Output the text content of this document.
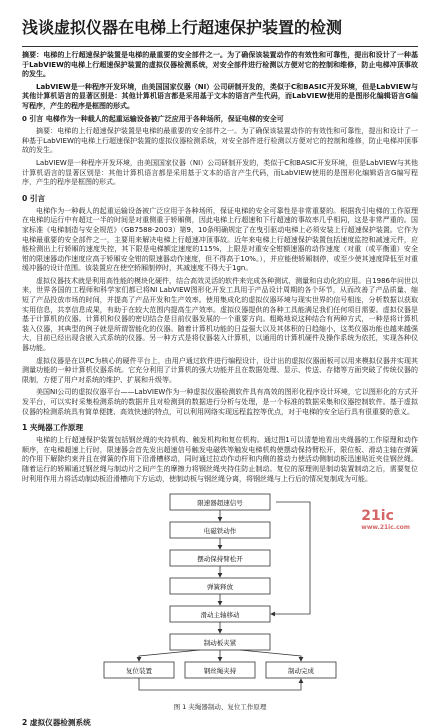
浅谈虚拟仪器在电梯上行超速保护装置的检测

摘要：电梯的上行超速保护装置是电梯的最重要的安全部件之一。为了确保该装置动作的有效性和可靠性，提出和设计了一种基于LabVIEW的电梯上行超速保护装置的虚拟仪器检测系统，对安全部件进行检测以方便对它的控制和维修，防止电梯冲顶事故的发生。

LabVIEW是一种程序开发环境，由美国国家仪器（NI）公司研制开发的，类似于C和BASIC开发环境，但是LabVIEW与其他计算机语言的显著区别是：其他计算机语言都是采用基于文本的语言产生代码，而LabVIEW使用的是图形化编辑语言G编写程序，产生的程序是框图的形式。

0 引言 电梯作为一种载人的起重运输设备被广泛应用于各种场所，保证电梯的安全可

摘要：电梯的上行超速保护装置是电梯的最重要的安全部件之一。为了确保该装置动作的有效性和可靠性，提出和设计了一种基于LabVIEW的电梯上行超速保护装置的虚拟仪器检测系统，对安全部件进行检测以方便对它的控制和维修，防止电梯冲顶事故的发生。

LabVIEW是一种程序开发环境，由美国国家仪器（NI）公司研制开发的，类似于C和BASIC开发环境，但是LabVIEW与其他计算机语言的显著区别是：其他计算机语言都是采用基于文本的语言产生代码，而LabVIEW使用的是图形化编辑语言G编写程序，产生的程序是框图的形式。

0 引言

电梯作为一种载人的起重运输设备被广泛应用于各种场所，保证电梯的安全可靠性是非常重要的。根据我引电梯的工作原理在电梯的运行中有超过一半的时间是对重侧重于轿厢侧，因此电梯上行超速和下行超速的事故率几乎相同，这是非常严重的。国家标准《电梯制造与安全规范》（GB7588-2003）第9、10条明确规定了在曳引驱动电梯上必须安装上行超速保护装置。它作为电梯最重要的安全部件之一，主要用来解决电梯上行超速冲顶事故。近年来电梯上行超速保护装置包括速度监控和减速元件，应能检测出上行轿厢的速度失控，其下限是电梯额定速度的115%，上限是对重安全钳额速器的动作速度（对重（或平衡重）安全钳的限速器动作速度应高于轿厢安全钳的限速器动作速度，但不得高于10%。），并应能使轿厢制停，或至少使其速度降低至对重缓冲器的设计范围。该装置应在使空轿厢制停时，其减速度不得大于1gn。

虚拟仪器技术就是利用高性能的模块化硬件，结合高效灵活的软件来完成各种测试、测量和自动化的应用。自1986年问世以来，世界各国的工程师和科学家们都已将NI LabVIEW图形化开发工具用于产品设计周期的各个环节，从而改善了产品质量、缩短了产品投放市场的时间，并提高了产品开发和生产效率。使用集成化的虚拟仪器环境与现实世界的信号相连，分析数据以获取实用信息，共享信息成果，有助于在较大范围内提高生产效率。虚拟仪器提供的各种工具能满足我们任何项目需要。虚拟仪器是基于计算机的仪器。计算机和仪器的密切结合是目前仪器发展的一个重要方向。粗略地说这种结合有两种方式，一种是将计算机装入仪器，其典型的例子就是所谓智能化的仪器。随着计算机功能的日益强大以及其体积的日趋缩小，这类仪器功能也越来越强大，目前已经出现含嵌入式系统的仪器。另一种方式是将仪器装入计算机，以通用的计算机硬件及操作系统为依托，实现各种仪器功能。

虚拟仪器是在以PC为核心的硬件平台上，由用户通过软件进行编程设计，设计出的虚拟仪器面板可以用来模拟仪器并实现其测量功能的一种计算机仪器系统。它充分利用了计算机的强大功能并且在数据处理、显示、传送、存储等方面突破了传统仪器的限制，方便了用户对系统的维护、扩展和升级等。

美国NI公司的虚拟仪器平台——LabVIEW作为一种虚拟仪器检测软件具有高效的图形化程序设计环境，它以图形化的方式开发平台，可以实时采集检测系统的数据并且对检测到的数据进行分析与处理，是一个标准的数据采集和仪器控制软件。基于虚拟仪器的检测系统具有简单便捷、高效快速的特点，可以利用网络实现远程监控等优点，对于电梯的安全运行具有很重要的意义。

1 夹绳器工作原理

电梯的上行超速保护装置包括钢丝绳的夹持机构、触发机构和复位机构。通过图1可以清楚地看出夹绳器的工作原理和动作顺序，在电梯超速上行时，限速器会首先发出超速信号触发电磁铁等触发电梯机构使摆动保持臂松开，限位板、滑动主轴在弹簧的作用下解除约束并且在弹簧的作用下沿滑槽移动，同时通过拉动作动杆和内侧的推动力使活动侧制动板迅速贴近夹住钢丝绳。随着运行的轿厢通过钢丝绳与制动片之间产生的摩擦力将钢丝绳夹持住防止制动。复位的原理则是制动装置制动之后，需要复位时利用作用力将活动制动板沿滑槽向下方运动，使制动板与钢丝绳分离，将钢丝绳与上行后的情况复制成为可能。

限速器超速信号
电磁铁动作
摆动保持臂松开
弹簧释放
滑动主轴移动
制动板夹紧
复位装置	钢丝绳夹持	制动完成
图 1 夹绳器制动、复位工作原理
2 虚拟仪器检测系统
21ic
www.21ic.com
